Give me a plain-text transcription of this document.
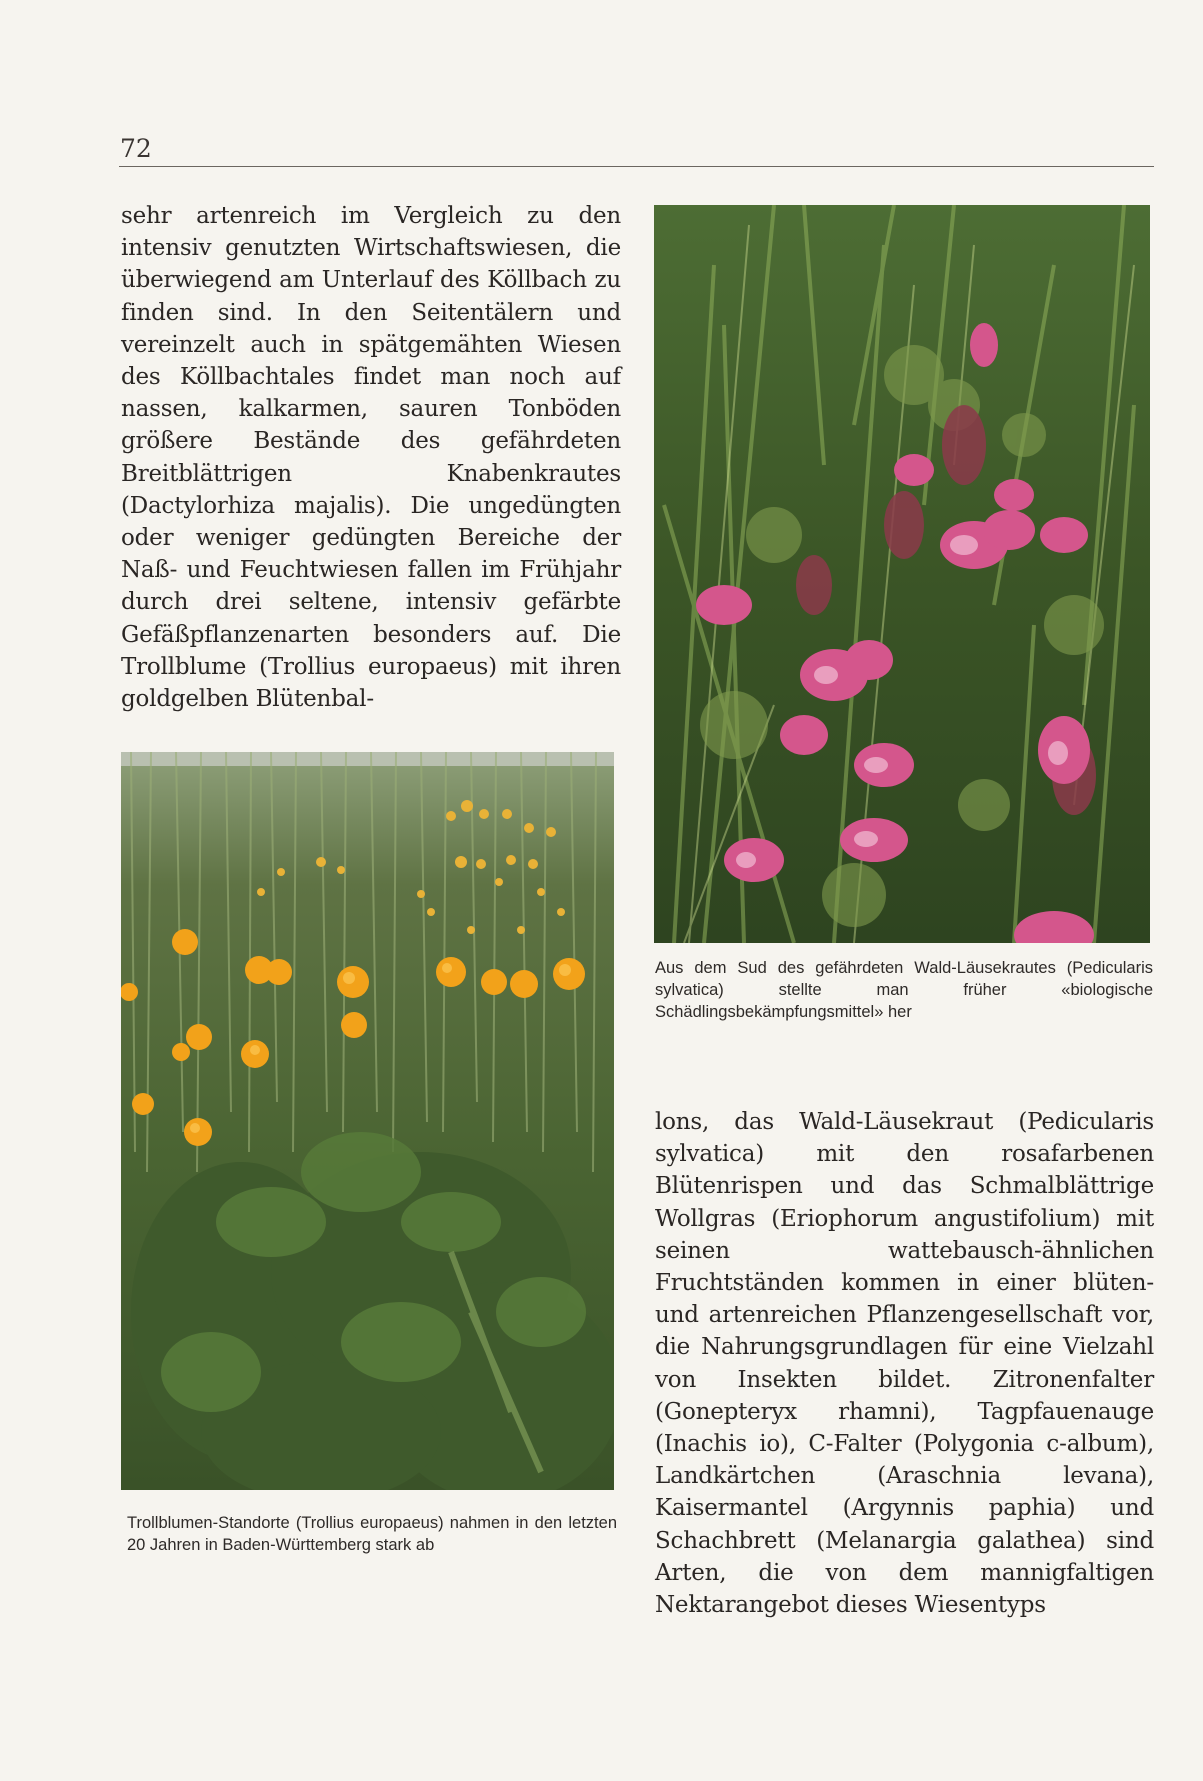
72
sehr artenreich im Vergleich zu den intensiv genutzten Wirtschaftswiesen, die überwiegend am Unterlauf des Köllbach zu finden sind. In den Seitentälern und vereinzelt auch in spätgemähten Wiesen des Köllbachtales findet man noch auf nassen, kalkarmen, sauren Tonböden größere Bestände des gefährdeten Breitblättrigen Knabenkrautes (Dactylorhiza majalis). Die ungedüngten oder weniger gedüngten Bereiche der Naß- und Feuchtwiesen fallen im Frühjahr durch drei seltene, intensiv gefärbte Gefäßpflanzenarten besonders auf. Die Trollblume (Trollius europaeus) mit ihren goldgelben Blütenbal-
Aus dem Sud des gefährdeten Wald-Läusekrautes (Pedicularis sylvatica) stellte man früher «biologische Schädlingsbekämpfungsmittel» her
Trollblumen-Standorte (Trollius europaeus) nahmen in den letzten 20 Jahren in Baden-Württemberg stark ab
lons, das Wald-Läusekraut (Pedicularis sylvatica) mit den rosafarbenen Blütenrispen und das Schmalblättrige Wollgras (Eriophorum angustifolium) mit seinen wattebausch-ähnlichen Fruchtständen kommen in einer blüten- und artenreichen Pflanzengesellschaft vor, die Nahrungsgrundlagen für eine Vielzahl von Insekten bildet. Zitronenfalter (Gonepteryx rhamni), Tagpfauenauge (Inachis io), C-Falter (Polygonia c-album), Landkärtchen (Araschnia levana), Kaisermantel (Argynnis paphia) und Schachbrett (Melanargia galathea) sind Arten, die von dem mannigfaltigen Nektarangebot dieses Wiesentyps
